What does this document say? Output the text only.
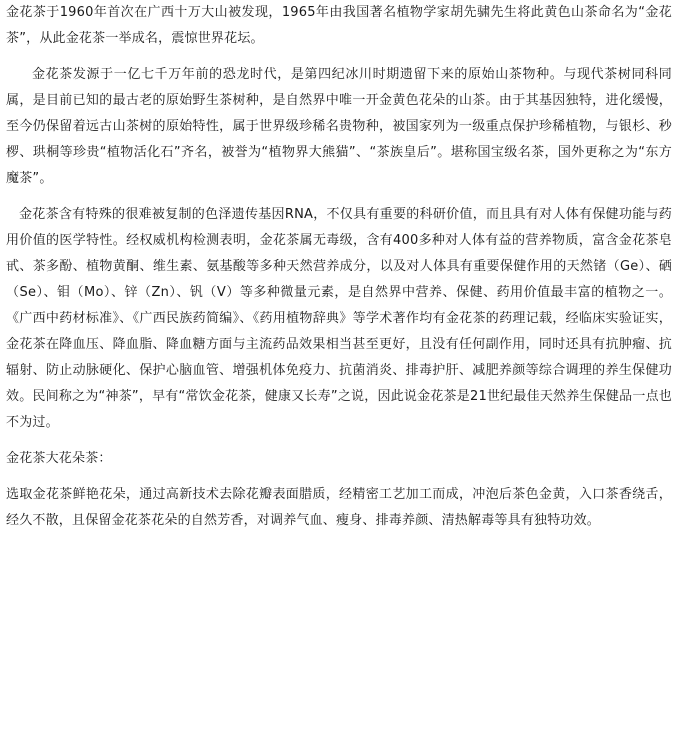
金花茶于1960年首次在广西十万大山被发现，1965年由我国著名植物学家胡先骕先生将此黄色山茶命名为“金花茶”，从此金花茶一举成名，震惊世界花坛。

金花茶发源于一亿七千万年前的恐龙时代，是第四纪冰川时期遗留下来的原始山茶物种。与现代茶树同科同属，是目前已知的最古老的原始野生茶树种，是自然界中唯一开金黄色花朵的山茶。由于其基因独特，进化缓慢，至今仍保留着远古山茶树的原始特性，属于世界级珍稀名贵物种，被国家列为一级重点保护珍稀植物，与银杉、秒椤、珙桐等珍贵“植物活化石”齐名，被誉为“植物界大熊猫”、“茶族皇后”。堪称国宝级名茶，国外更称之为“东方魔茶”。

金花茶含有特殊的很难被复制的色泽遗传基因RNA，不仅具有重要的科研价值，而且具有对人体有保健功能与药用价值的医学特性。经权威机构检测表明，金花茶属无毒级，含有400多种对人体有益的营养物质，富含金花茶皂甙、茶多酚、植物黄酮、维生素、氨基酸等多种天然营养成分，以及对人体具有重要保健作用的天然锗（Ge）、硒（Se）、钼（Mo）、锌（Zn）、钒（V）等多种微量元素，是自然界中营养、保健、药用价值最丰富的植物之一。《广西中药材标准》、《广西民族药简编》、《药用植物辞典》等学术著作均有金花茶的药理记载，经临床实验证实，金花茶在降血压、降血脂、降血糖方面与主流药品效果相当甚至更好，且没有任何副作用，同时还具有抗肿瘤、抗辐射、防止动脉硬化、保护心脑血管、增强机体免疫力、抗菌消炎、排毒护肝、减肥养颜等综合调理的养生保健功效。民间称之为“神茶”，早有“常饮金花茶，健康又长寿”之说，因此说金花茶是21世纪最佳天然养生保健品一点也不为过。

金花茶大花朵茶：

选取金花茶鲜艳花朵，通过高新技术去除花瓣表面腊质，经精密工艺加工而成，冲泡后茶色金黄，入口茶香绕舌，经久不散，且保留金花茶花朵的自然芳香，对调养气血、瘦身、排毒养颜、清热解毒等具有独特功效。
